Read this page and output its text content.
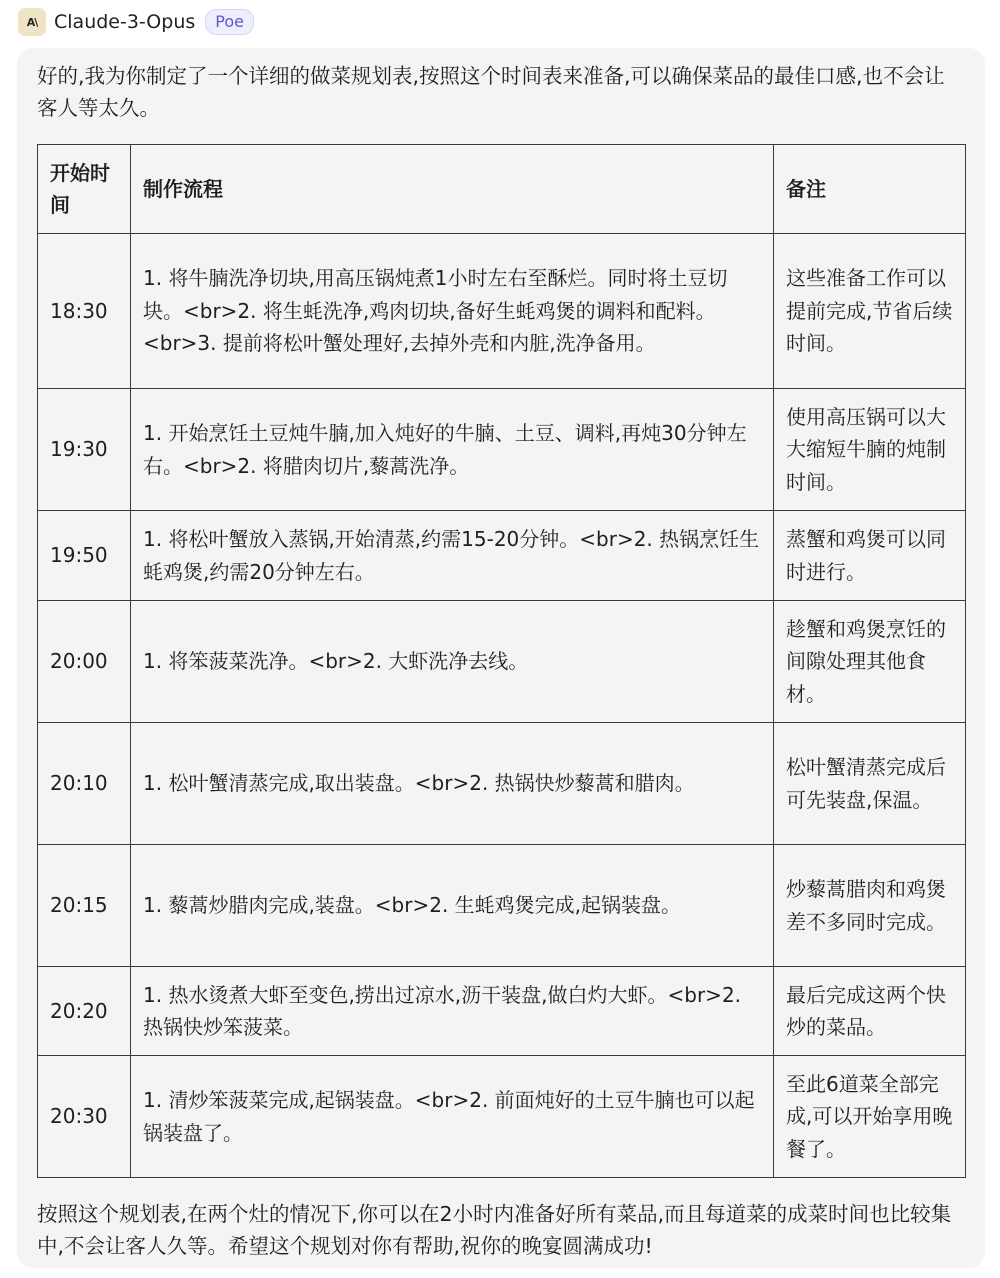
A\ Claude-3-Opus	Poe

好的,我为你制定了一个详细的做菜规划表,按照这个时间表来准备,可以确保菜品的最佳口感,也不会让客人等太久。

开始时间	制作流程	备注
18:30	1. 将牛腩洗净切块,用高压锅炖煮1小时左右至酥烂。同时将土豆切块。<br>2. 将生蚝洗净,鸡肉切块,备好生蚝鸡煲的调料和配料。<br>3. 提前将松叶蟹处理好,去掉外壳和内脏,洗净备用。	这些准备工作可以提前完成,节省后续时间。
19:30	1. 开始烹饪土豆炖牛腩,加入炖好的牛腩、土豆、调料,再炖30分钟左右。<br>2. 将腊肉切片,藜蒿洗净。	使用高压锅可以大大缩短牛腩的炖制时间。
19:50	1. 将松叶蟹放入蒸锅,开始清蒸,约需15-20分钟。<br>2. 热锅烹饪生蚝鸡煲,约需20分钟左右。	蒸蟹和鸡煲可以同时进行。
20:00	1. 将笨菠菜洗净。<br>2. 大虾洗净去线。	趁蟹和鸡煲烹饪的间隙处理其他食材。
20:10	1. 松叶蟹清蒸完成,取出装盘。<br>2. 热锅快炒藜蒿和腊肉。	松叶蟹清蒸完成后可先装盘,保温。
20:15	1. 藜蒿炒腊肉完成,装盘。<br>2. 生蚝鸡煲完成,起锅装盘。	炒藜蒿腊肉和鸡煲差不多同时完成。
20:20	1. 热水烫煮大虾至变色,捞出过凉水,沥干装盘,做白灼大虾。<br>2. 热锅快炒笨菠菜。	最后完成这两个快炒的菜品。
20:30	1. 清炒笨菠菜完成,起锅装盘。<br>2. 前面炖好的土豆牛腩也可以起锅装盘了。	至此6道菜全部完成,可以开始享用晚餐了。

按照这个规划表,在两个灶的情况下,你可以在2小时内准备好所有菜品,而且每道菜的成菜时间也比较集中,不会让客人久等。希望这个规划对你有帮助,祝你的晚宴圆满成功!
